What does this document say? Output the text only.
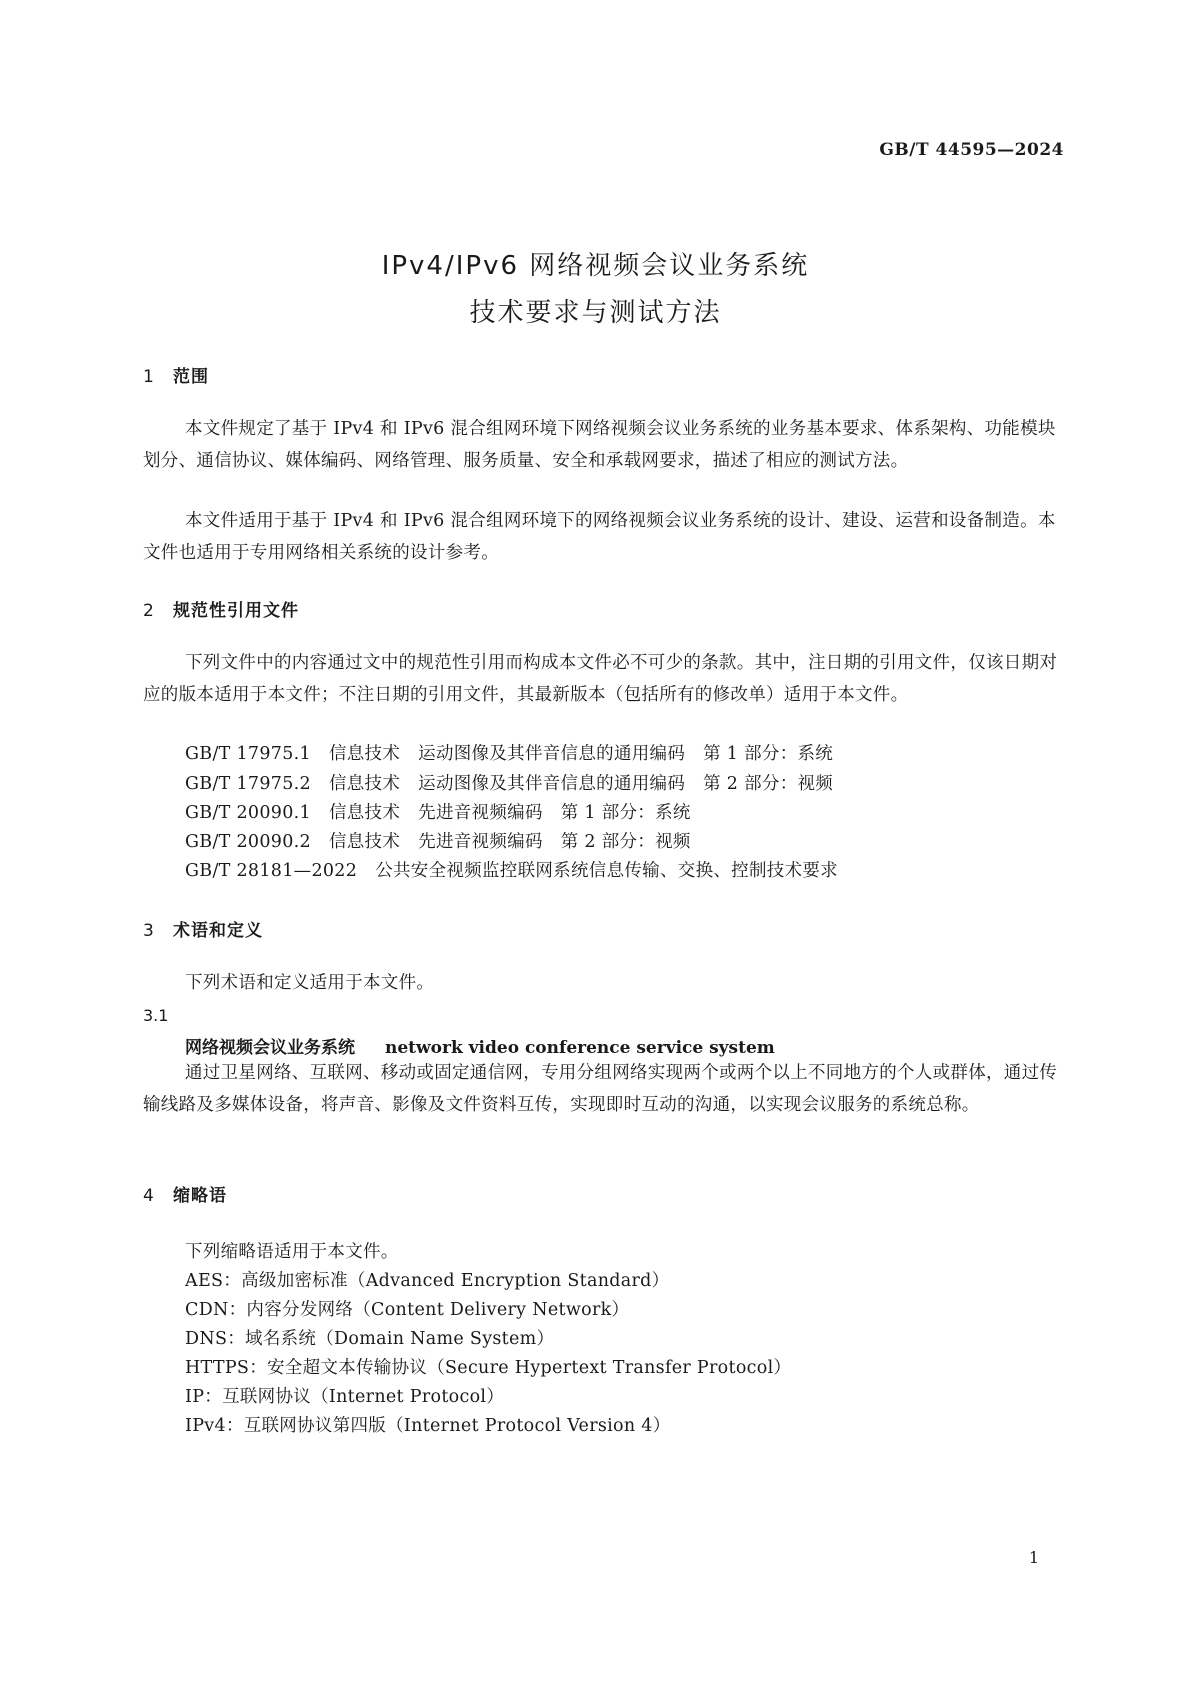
GB/T 44595—2024
IPv4/IPv6 网络视频会议业务系统
技术要求与测试方法
1 范围
本文件规定了基于 IPv4 和 IPv6 混合组网环境下网络视频会议业务系统的业务基本要求、体系架构、功能模块划分、通信协议、媒体编码、网络管理、服务质量、安全和承载网要求，描述了相应的测试方法。
本文件适用于基于 IPv4 和 IPv6 混合组网环境下的网络视频会议业务系统的设计、建设、运营和设备制造。本文件也适用于专用网络相关系统的设计参考。
2 规范性引用文件
下列文件中的内容通过文中的规范性引用而构成本文件必不可少的条款。其中，注日期的引用文件，仅该日期对应的版本适用于本文件；不注日期的引用文件，其最新版本（包括所有的修改单）适用于本文件。
GB/T 17975.1 信息技术 运动图像及其伴音信息的通用编码 第 1 部分：系统
GB/T 17975.2 信息技术 运动图像及其伴音信息的通用编码 第 2 部分：视频
GB/T 20090.1 信息技术 先进音视频编码 第 1 部分：系统
GB/T 20090.2 信息技术 先进音视频编码 第 2 部分：视频
GB/T 28181—2022 公共安全视频监控联网系统信息传输、交换、控制技术要求
3 术语和定义
下列术语和定义适用于本文件。
3.1
网络视频会议业务系统 network video conference service system
通过卫星网络、互联网、移动或固定通信网，专用分组网络实现两个或两个以上不同地方的个人或群体，通过传输线路及多媒体设备，将声音、影像及文件资料互传，实现即时互动的沟通，以实现会议服务的系统总称。
4 缩略语
下列缩略语适用于本文件。
AES：高级加密标准（Advanced Encryption Standard）
CDN：内容分发网络（Content Delivery Network）
DNS：域名系统（Domain Name System）
HTTPS：安全超文本传输协议（Secure Hypertext Transfer Protocol）
IP：互联网协议（Internet Protocol）
IPv4：互联网协议第四版（Internet Protocol Version 4）
1
